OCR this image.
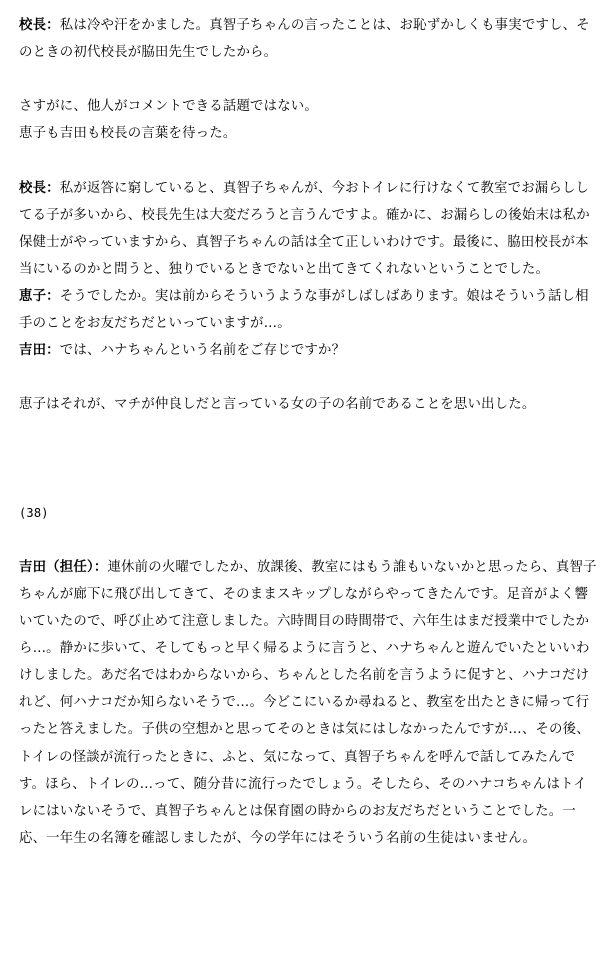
校長：私は冷や汗をかました。真智子ちゃんの言ったことは、お恥ずかしくも事実ですし、そのときの初代校長が脇田先生でしたから。

さすがに、他人がコメントできる話題ではない。

恵子も吉田も校長の言葉を待った。

校長：私が返答に窮していると、真智子ちゃんが、今おトイレに行けなくて教室でお漏らししてる子が多いから、校長先生は大変だろうと言うんですよ。確かに、お漏らしの後始末は私か保健士がやっていますから、真智子ちゃんの話は全て正しいわけです。最後に、脇田校長が本当にいるのかと問うと、独りでいるときでないと出てきてくれないということでした。

恵子：そうでしたか。実は前からそういうような事がしばしばあります。娘はそういう話し相手のことをお友だちだといっていますが…。

吉田：では、ハナちゃんという名前をご存じですか？

恵子はそれが、マチが仲良しだと言っている女の子の名前であることを思い出した。

(38)

吉田（担任）：連休前の火曜でしたか、放課後、教室にはもう誰もいないかと思ったら、真智子ちゃんが廊下に飛び出してきて、そのままスキップしながらやってきたんです。足音がよく響いていたので、呼び止めて注意しました。六時間目の時間帯で、六年生はまだ授業中でしたから…。静かに歩いて、そしてもっと早く帰るように言うと、ハナちゃんと遊んでいたといいわけしました。あだ名ではわからないから、ちゃんとした名前を言うように促すと、ハナコだけれど、何ハナコだか知らないそうで…。今どこにいるか尋ねると、教室を出たときに帰って行ったと答えました。子供の空想かと思ってそのときは気にはしなかったんですが…、その後、トイレの怪談が流行ったときに、ふと、気になって、真智子ちゃんを呼んで話してみたんです。ほら、トイレの…って、随分昔に流行ったでしょう。そしたら、そのハナコちゃんはトイレにはいないそうで、真智子ちゃんとは保育園の時からのお友だちだということでした。一応、一年生の名簿を確認しましたが、今の学年にはそういう名前の生徒はいません。
